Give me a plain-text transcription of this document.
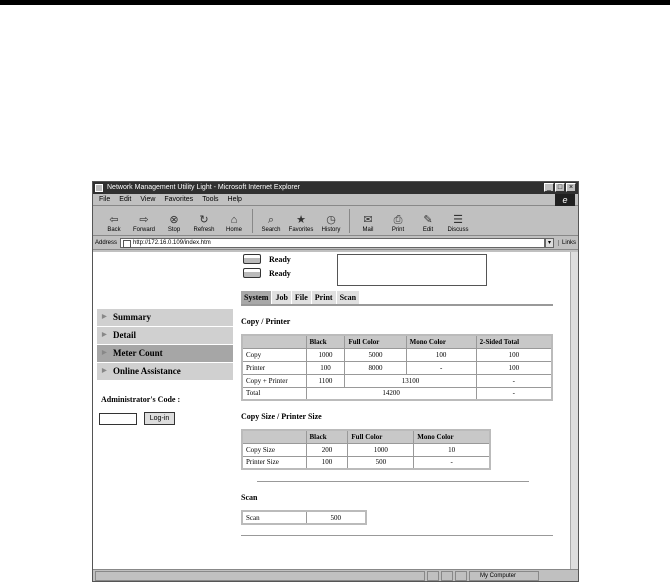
Network Management Utility Light - Microsoft Internet Explorer	_ □ ×
File Edit View Favorites Tools Help	e
⇦
Back
⇨
Forward
⊗
Stop
↻
Refresh
⌂
Home
⌕
Search
★
Favorites
◷
History
✉
Mail
⎙
Print
✎
Edit
☰
Discuss
Address	http://172.16.0.109/index.htm	▾	Links
▶ Summary
▶ Detail
▶ Meter Count
▶ Online Assistance
Administrator's Code :
Log-in
Ready
Ready
System Job File Print Scan
Copy / Printer
	Black	Full Color	Mono Color	2-Sided Total
Copy	1000	5000	100	100
Printer	100	8000	-	100
Copy + Printer	1100	13100		-
Total	14200			-
Copy Size / Printer Size
	Black	Full Color	Mono Color
Copy Size	200	1000	10
Printer Size	100	500	-
Scan
Scan	500
My Computer
